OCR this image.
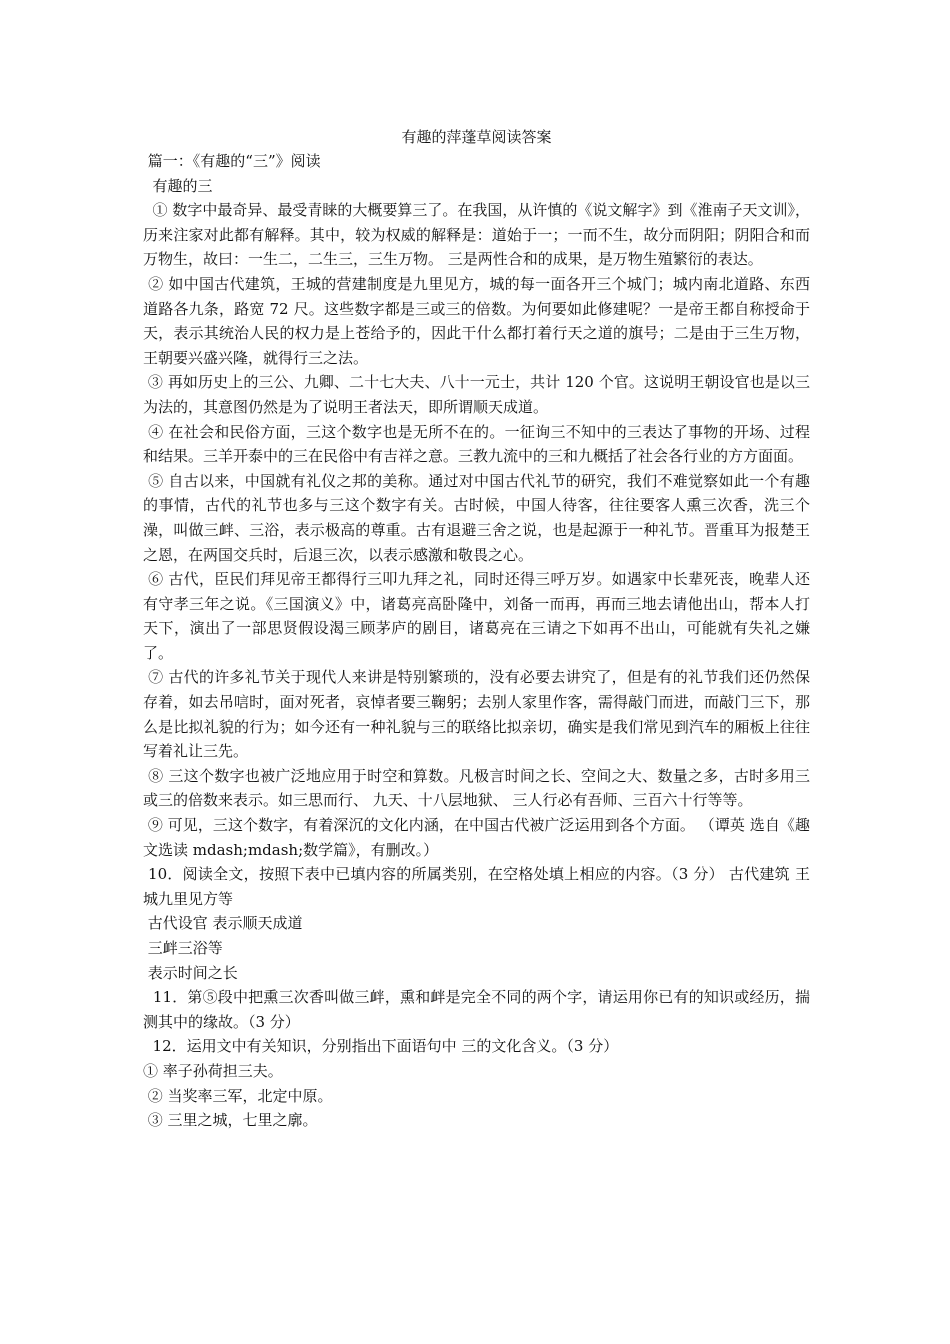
有趣的萍蓬草阅读答案

篇一：《有趣的“三”》阅读

有趣的三

① 数字中最奇异、最受青睐的大概要算三了。在我国，从许慎的《说文解字》到《淮南子天文训》，历来注家对此都有解释。其中，较为权威的解释是：道始于一；一而不生，故分而阴阳；阴阳合和而万物生，故曰：一生二，二生三，三生万物。 三是两性合和的成果，是万物生殖繁衍的表达。

② 如中国古代建筑，王城的营建制度是九里见方，城的每一面各开三个城门；城内南北道路、东西道路各九条，路宽 72 尺。这些数字都是三或三的倍数。为何要如此修建呢？一是帝王都自称授命于天，表示其统治人民的权力是上苍给予的，因此干什么都打着行天之道的旗号；二是由于三生万物，王朝要兴盛兴隆，就得行三之法。

③ 再如历史上的三公、九卿、二十七大夫、八十一元士，共计 120 个官。这说明王朝设官也是以三为法的，其意图仍然是为了说明王者法天，即所谓顺天成道。

④ 在社会和民俗方面，三这个数字也是无所不在的。一征询三不知中的三表达了事物的开场、过程和结果。三羊开泰中的三在民俗中有吉祥之意。三教九流中的三和九概括了社会各行业的方方面面。

⑤ 自古以来，中国就有礼仪之邦的美称。通过对中国古代礼节的研究，我们不难觉察如此一个有趣的事情，古代的礼节也多与三这个数字有关。古时候，中国人待客，往往要客人熏三次香，洗三个澡，叫做三衅、三浴，表示极高的尊重。古有退避三舍之说，也是起源于一种礼节。晋重耳为报楚王之恩，在两国交兵时，后退三次，以表示感激和敬畏之心。

⑥ 古代，臣民们拜见帝王都得行三叩九拜之礼，同时还得三呼万岁。如遇家中长辈死丧，晚辈人还有守孝三年之说。《三国演义》中，诸葛亮高卧隆中，刘备一而再，再而三地去请他出山，帮本人打天下，演出了一部思贤假设渴三顾茅庐的剧目，诸葛亮在三请之下如再不出山，可能就有失礼之嫌了。

⑦ 古代的许多礼节关于现代人来讲是特别繁琐的，没有必要去讲究了，但是有的礼节我们还仍然保存着，如去吊唁时，面对死者，哀悼者要三鞠躬；去别人家里作客，需得敲门而进，而敲门三下，那么是比拟礼貌的行为；如今还有一种礼貌与三的联络比拟亲切，确实是我们常见到汽车的厢板上往往写着礼让三先。

⑧ 三这个数字也被广泛地应用于时空和算数。凡极言时间之长、空间之大、数量之多，古时多用三或三的倍数来表示。如三思而行、 九天、十八层地狱、 三人行必有吾师、三百六十行等等。

⑨ 可见，三这个数字，有着深沉的文化内涵，在中国古代被广泛运用到各个方面。 （谭英 选自《趣文选读 mdash;mdash;数学篇》，有删改。）

10．阅读全文，按照下表中已填内容的所属类别，在空格处填上相应的内容。（3 分） 古代建筑 王城九里见方等

古代设官 表示顺天成道

三衅三浴等

表示时间之长

11．第⑤段中把熏三次香叫做三衅，熏和衅是完全不同的两个字，请运用你已有的知识或经历，揣测其中的缘故。（3 分）

12．运用文中有关知识，分别指出下面语句中 三的文化含义。（3 分）

① 率子孙荷担三夫。

② 当奖率三军，北定中原。

③ 三里之城，七里之廓。
